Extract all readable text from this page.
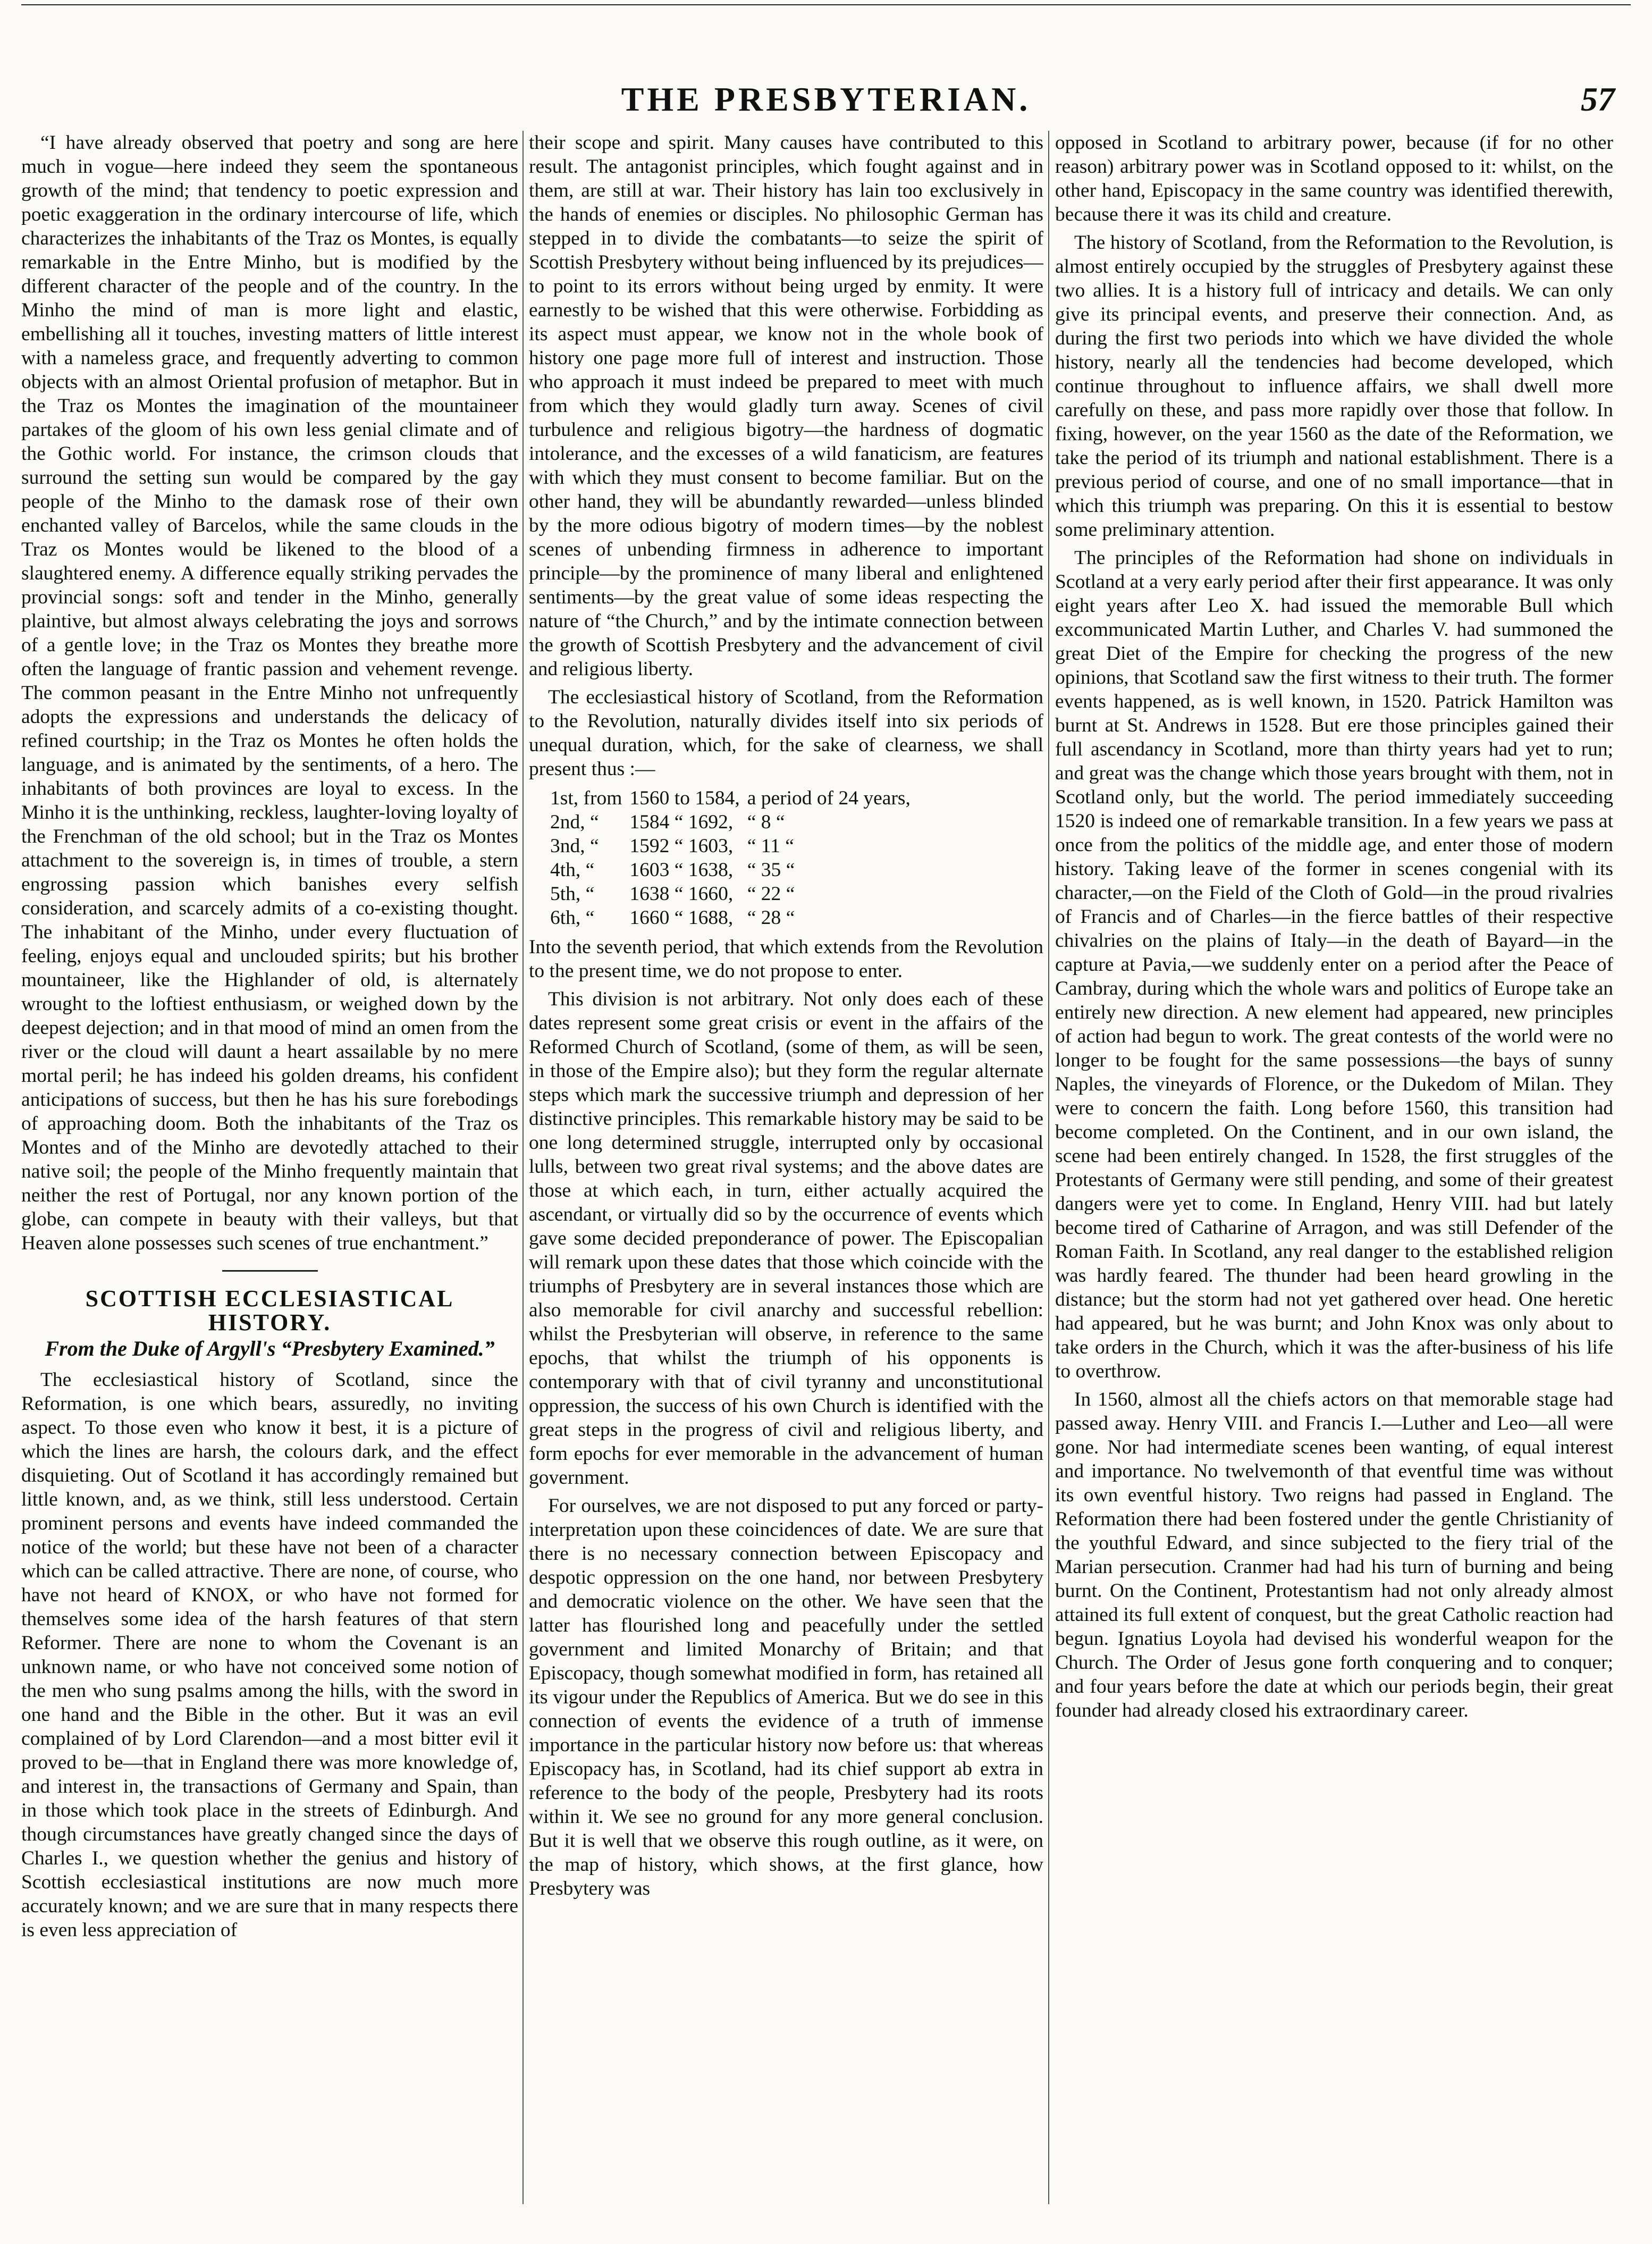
THE PRESBYTERIAN.	57

“I have already observed that poetry and song are here much in vogue—here indeed they seem the spontaneous growth of the mind; that tendency to poetic expression and poetic exaggeration in the ordinary intercourse of life, which characterizes the inhabitants of the Traz os Montes, is equally remarkable in the Entre Minho, but is modified by the different character of the people and of the country. In the Minho the mind of man is more light and elastic, embellishing all it touches, investing matters of little interest with a nameless grace, and frequently adverting to common objects with an almost Oriental profusion of metaphor. But in the Traz os Montes the imagination of the mountaineer partakes of the gloom of his own less genial climate and of the Gothic world. For instance, the crimson clouds that surround the setting sun would be compared by the gay people of the Minho to the damask rose of their own enchanted valley of Barcelos, while the same clouds in the Traz os Montes would be likened to the blood of a slaughtered enemy. A difference equally striking pervades the provincial songs: soft and tender in the Minho, generally plaintive, but almost always celebrating the joys and sorrows of a gentle love; in the Traz os Montes they breathe more often the language of frantic passion and vehement revenge. The common peasant in the Entre Minho not unfrequently adopts the expressions and understands the delicacy of refined courtship; in the Traz os Montes he often holds the language, and is animated by the sentiments, of a hero. The inhabitants of both provinces are loyal to excess. In the Minho it is the unthinking, reckless, laughter-loving loyalty of the Frenchman of the old school; but in the Traz os Montes attachment to the sovereign is, in times of trouble, a stern engrossing passion which banishes every selfish consideration, and scarcely admits of a co-existing thought. The inhabitant of the Minho, under every fluctuation of feeling, enjoys equal and unclouded spirits; but his brother mountaineer, like the Highlander of old, is alternately wrought to the loftiest enthusiasm, or weighed down by the deepest dejection; and in that mood of mind an omen from the river or the cloud will daunt a heart assailable by no mere mortal peril; he has indeed his golden dreams, his confident anticipations of success, but then he has his sure forebodings of approaching doom. Both the inhabitants of the Traz os Montes and of the Minho are devotedly attached to their native soil; the people of the Minho frequently maintain that neither the rest of Portugal, nor any known portion of the globe, can compete in beauty with their valleys, but that Heaven alone possesses such scenes of true enchantment.”

SCOTTISH ECCLESIASTICAL HISTORY.
From the Duke of Argyll's “Presbytery Examined.”

The ecclesiastical history of Scotland, since the Reformation, is one which bears, assuredly, no inviting aspect. To those even who know it best, it is a picture of which the lines are harsh, the colours dark, and the effect disquieting. Out of Scotland it has accordingly remained but little known, and, as we think, still less understood. Certain prominent persons and events have indeed commanded the notice of the world; but these have not been of a character which can be called attractive. There are none, of course, who have not heard of KNOX, or who have not formed for themselves some idea of the harsh features of that stern Reformer. There are none to whom the Covenant is an unknown name, or who have not conceived some notion of the men who sung psalms among the hills, with the sword in one hand and the Bible in the other. But it was an evil complained of by Lord Clarendon—and a most bitter evil it proved to be—that in England there was more knowledge of, and interest in, the transactions of Germany and Spain, than in those which took place in the streets of Edinburgh. And though circumstances have greatly changed since the days of Charles I., we question whether the genius and history of Scottish ecclesiastical institutions are now much more accurately known; and we are sure that in many respects there is even less appreciation of

their scope and spirit. Many causes have contributed to this result. The antagonist principles, which fought against and in them, are still at war. Their history has lain too exclusively in the hands of enemies or disciples. No philosophic German has stepped in to divide the combatants—to seize the spirit of Scottish Presbytery without being influenced by its prejudices—to point to its errors without being urged by enmity. It were earnestly to be wished that this were otherwise. Forbidding as its aspect must appear, we know not in the whole book of history one page more full of interest and instruction. Those who approach it must indeed be prepared to meet with much from which they would gladly turn away. Scenes of civil turbulence and religious bigotry—the hardness of dogmatic intolerance, and the excesses of a wild fanaticism, are features with which they must consent to become familiar. But on the other hand, they will be abundantly rewarded—unless blinded by the more odious bigotry of modern times—by the noblest scenes of unbending firmness in adherence to important principle—by the prominence of many liberal and enlightened sentiments—by the great value of some ideas respecting the nature of “the Church,” and by the intimate connection between the growth of Scottish Presbytery and the advancement of civil and religious liberty.

The ecclesiastical history of Scotland, from the Reformation to the Revolution, naturally divides itself into six periods of unequal duration, which, for the sake of clearness, we shall present thus :—

1st, from	1560 to 1584,	a period of 24 years,
2nd, “	1584 “ 1692,	“ 8 “
3nd, “	1592 “ 1603,	“ 11 “
4th, “	1603 “ 1638,	“ 35 “
5th, “	1638 “ 1660,	“ 22 “
6th, “	1660 “ 1688,	“ 28 “

Into the seventh period, that which extends from the Revolution to the present time, we do not propose to enter.

This division is not arbitrary. Not only does each of these dates represent some great crisis or event in the affairs of the Reformed Church of Scotland, (some of them, as will be seen, in those of the Empire also); but they form the regular alternate steps which mark the successive triumph and depression of her distinctive principles. This remarkable history may be said to be one long determined struggle, interrupted only by occasional lulls, between two great rival systems; and the above dates are those at which each, in turn, either actually acquired the ascendant, or virtually did so by the occurrence of events which gave some decided preponderance of power. The Episcopalian will remark upon these dates that those which coincide with the triumphs of Presbytery are in several instances those which are also memorable for civil anarchy and successful rebellion: whilst the Presbyterian will observe, in reference to the same epochs, that whilst the triumph of his opponents is contemporary with that of civil tyranny and unconstitutional oppression, the success of his own Church is identified with the great steps in the progress of civil and religious liberty, and form epochs for ever memorable in the advancement of human government.

For ourselves, we are not disposed to put any forced or party-interpretation upon these coincidences of date. We are sure that there is no necessary connection between Episcopacy and despotic oppression on the one hand, nor between Presbytery and democratic violence on the other. We have seen that the latter has flourished long and peacefully under the settled government and limited Monarchy of Britain; and that Episcopacy, though somewhat modified in form, has retained all its vigour under the Republics of America. But we do see in this connection of events the evidence of a truth of immense importance in the particular history now before us: that whereas Episcopacy has, in Scotland, had its chief support ab extra in reference to the body of the people, Presbytery had its roots within it. We see no ground for any more general conclusion. But it is well that we observe this rough outline, as it were, on the map of history, which shows, at the first glance, how Presbytery was

opposed in Scotland to arbitrary power, because (if for no other reason) arbitrary power was in Scotland opposed to it: whilst, on the other hand, Episcopacy in the same country was identified therewith, because there it was its child and creature.

The history of Scotland, from the Reformation to the Revolution, is almost entirely occupied by the struggles of Presbytery against these two allies. It is a history full of intricacy and details. We can only give its principal events, and preserve their connection. And, as during the first two periods into which we have divided the whole history, nearly all the tendencies had become developed, which continue throughout to influence affairs, we shall dwell more carefully on these, and pass more rapidly over those that follow. In fixing, however, on the year 1560 as the date of the Reformation, we take the period of its triumph and national establishment. There is a previous period of course, and one of no small importance—that in which this triumph was preparing. On this it is essential to bestow some preliminary attention.

The principles of the Reformation had shone on individuals in Scotland at a very early period after their first appearance. It was only eight years after Leo X. had issued the memorable Bull which excommunicated Martin Luther, and Charles V. had summoned the great Diet of the Empire for checking the progress of the new opinions, that Scotland saw the first witness to their truth. The former events happened, as is well known, in 1520. Patrick Hamilton was burnt at St. Andrews in 1528. But ere those principles gained their full ascendancy in Scotland, more than thirty years had yet to run; and great was the change which those years brought with them, not in Scotland only, but the world. The period immediately succeeding 1520 is indeed one of remarkable transition. In a few years we pass at once from the politics of the middle age, and enter those of modern history. Taking leave of the former in scenes congenial with its character,—on the Field of the Cloth of Gold—in the proud rivalries of Francis and of Charles—in the fierce battles of their respective chivalries on the plains of Italy—in the death of Bayard—in the capture at Pavia,—we suddenly enter on a period after the Peace of Cambray, during which the whole wars and politics of Europe take an entirely new direction. A new element had appeared, new principles of action had begun to work. The great contests of the world were no longer to be fought for the same possessions—the bays of sunny Naples, the vineyards of Florence, or the Dukedom of Milan. They were to concern the faith. Long before 1560, this transition had become completed. On the Continent, and in our own island, the scene had been entirely changed. In 1528, the first struggles of the Protestants of Germany were still pending, and some of their greatest dangers were yet to come. In England, Henry VIII. had but lately become tired of Catharine of Arragon, and was still Defender of the Roman Faith. In Scotland, any real danger to the established religion was hardly feared. The thunder had been heard growling in the distance; but the storm had not yet gathered over head. One heretic had appeared, but he was burnt; and John Knox was only about to take orders in the Church, which it was the after-business of his life to overthrow.

In 1560, almost all the chiefs actors on that memorable stage had passed away. Henry VIII. and Francis I.—Luther and Leo—all were gone. Nor had intermediate scenes been wanting, of equal interest and importance. No twelvemonth of that eventful time was without its own eventful history. Two reigns had passed in England. The Reformation there had been fostered under the gentle Christianity of the youthful Edward, and since subjected to the fiery trial of the Marian persecution. Cranmer had had his turn of burning and being burnt. On the Continent, Protestantism had not only already almost attained its full extent of conquest, but the great Catholic reaction had begun. Ignatius Loyola had devised his wonderful weapon for the Church. The Order of Jesus gone forth conquering and to conquer; and four years before the date at which our periods begin, their great founder had already closed his extraordinary career.
